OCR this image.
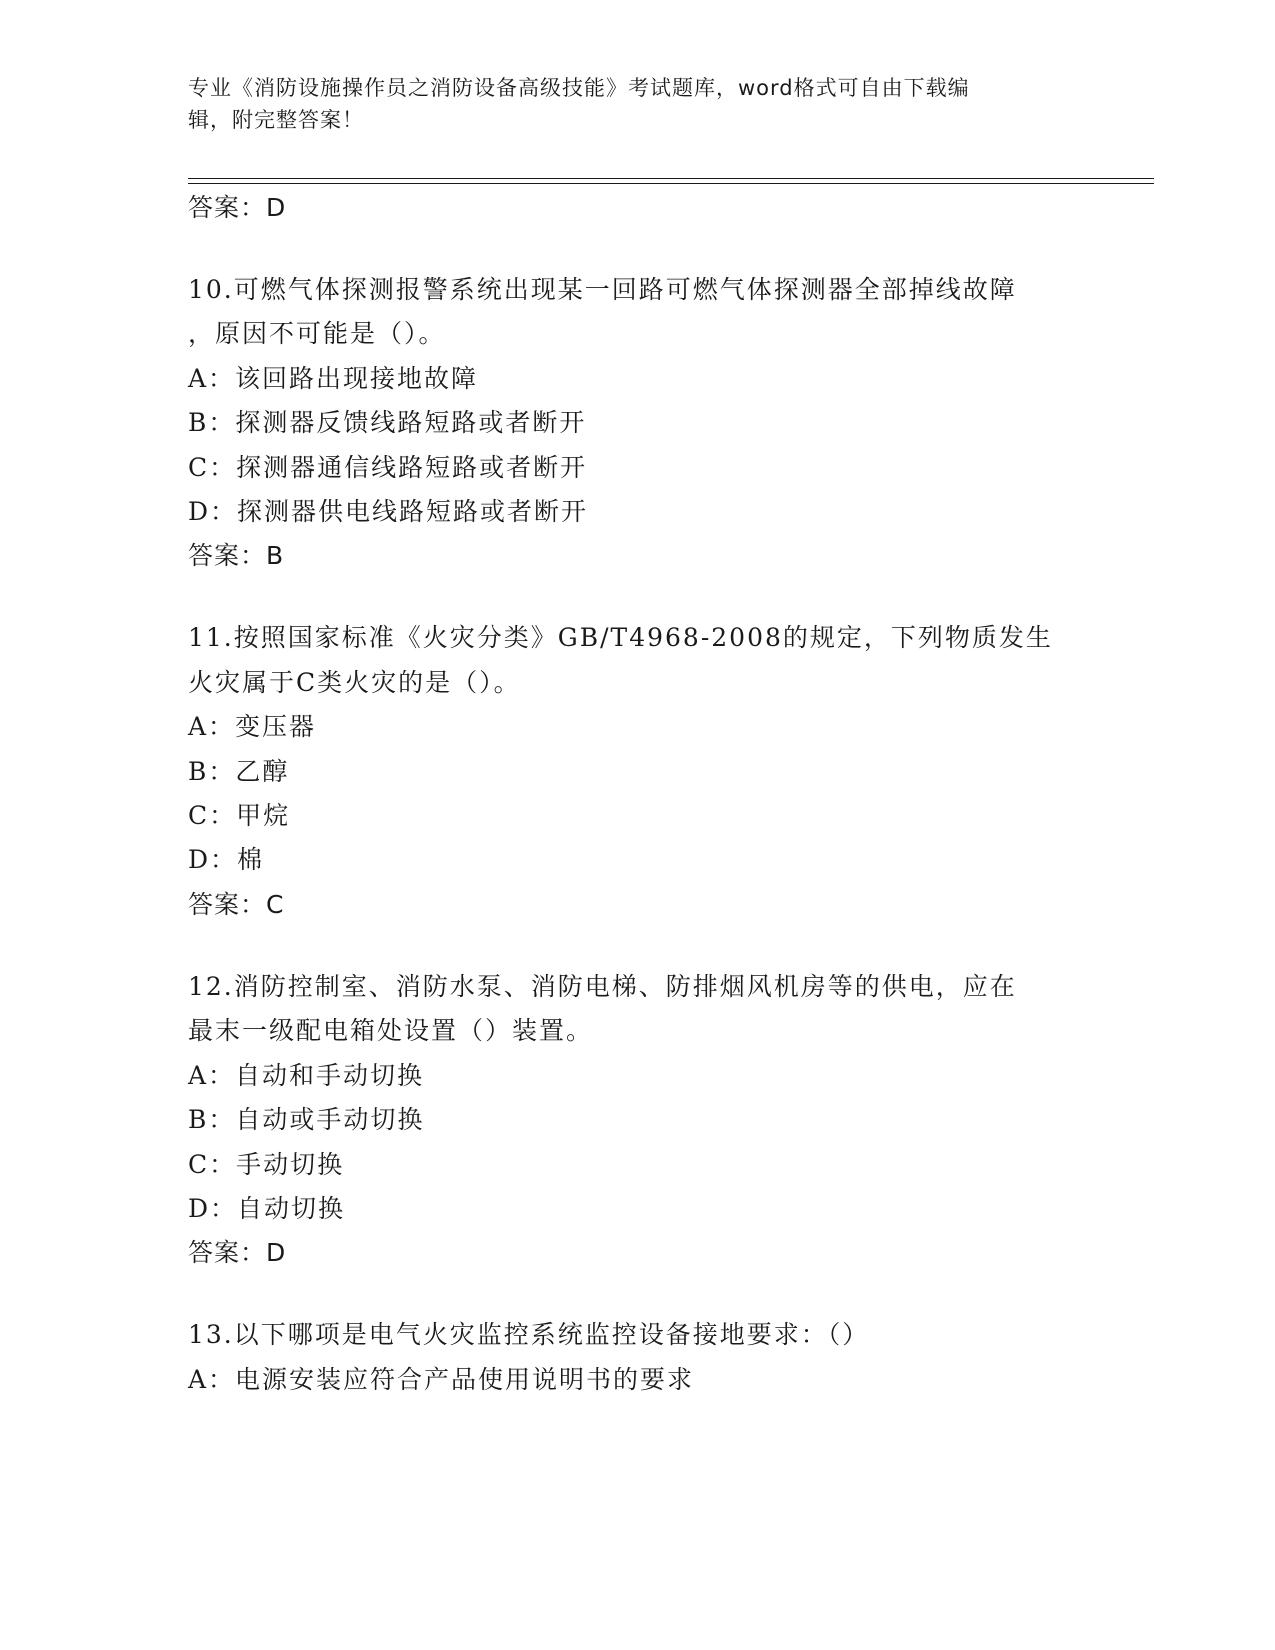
专业《消防设施操作员之消防设备高级技能》考试题库，word格式可自由下载编
辑，附完整答案！
答案：D
10.可燃气体探测报警系统出现某一回路可燃气体探测器全部掉线故障
，原因不可能是（）。
A：该回路出现接地故障
B：探测器反馈线路短路或者断开
C：探测器通信线路短路或者断开
D：探测器供电线路短路或者断开
答案：B
11.按照国家标准《火灾分类》GB/T4968-2008的规定，下列物质发生
火灾属于C类火灾的是（）。
A：变压器
B：乙醇
C：甲烷
D：棉
答案：C
12.消防控制室、消防水泵、消防电梯、防排烟风机房等的供电，应在
最末一级配电箱处设置（）装置。
A：自动和手动切换
B：自动或手动切换
C：手动切换
D：自动切换
答案：D
13.以下哪项是电气火灾监控系统监控设备接地要求：（）
A：电源安装应符合产品使用说明书的要求
